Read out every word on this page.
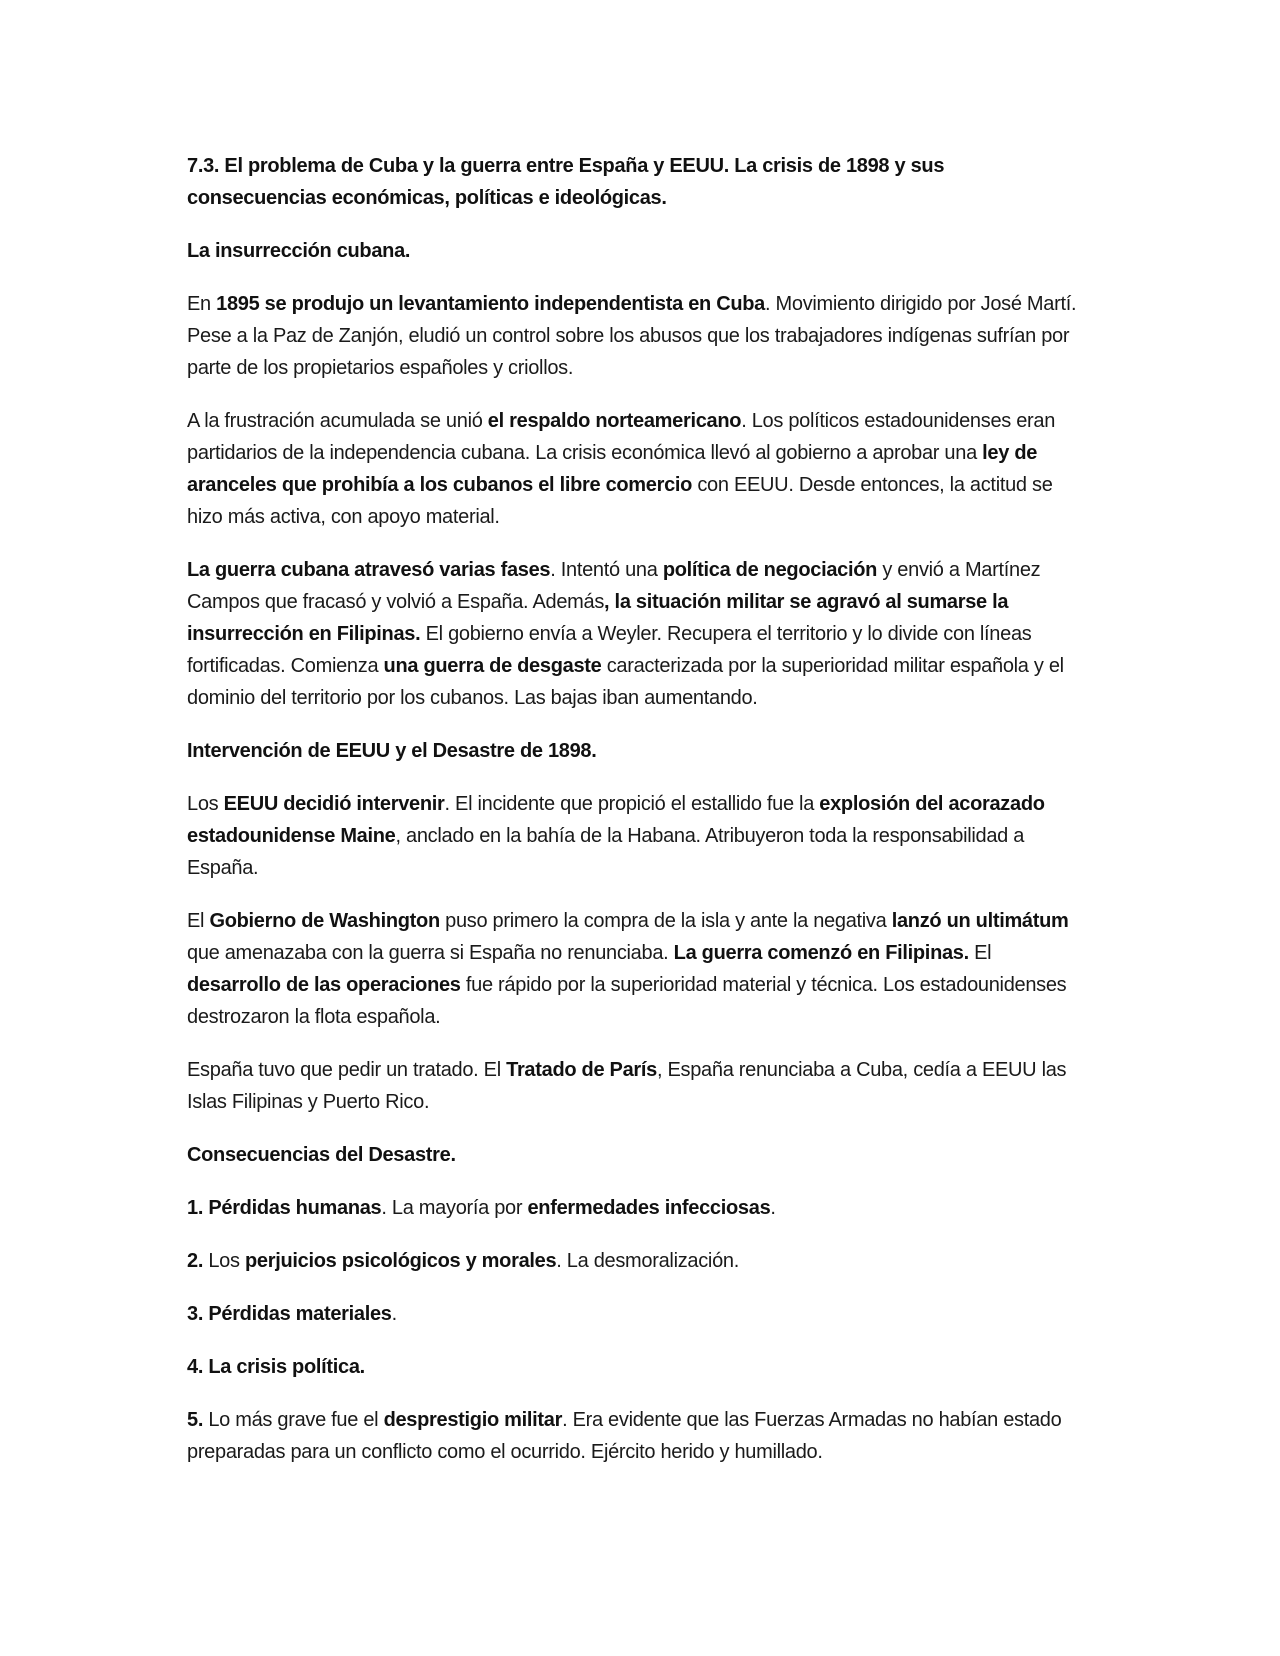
7.3. El problema de Cuba y la guerra entre España y EEUU. La crisis de 1898 y sus consecuencias económicas, políticas e ideológicas.

La insurrección cubana.

En 1895 se produjo un levantamiento independentista en Cuba. Movimiento dirigido por José Martí. Pese a la Paz de Zanjón, eludió un control sobre los abusos que los trabajadores indígenas sufrían por parte de los propietarios españoles y criollos.

A la frustración acumulada se unió el respaldo norteamericano. Los políticos estadounidenses eran partidarios de la independencia cubana. La crisis económica llevó al gobierno a aprobar una ley de aranceles que prohibía a los cubanos el libre comercio con EEUU. Desde entonces, la actitud se hizo más activa, con apoyo material.

La guerra cubana atravesó varias fases. Intentó una política de negociación y envió a Martínez Campos que fracasó y volvió a España. Además, la situación militar se agravó al sumarse la insurrección en Filipinas. El gobierno envía a Weyler. Recupera el territorio y lo divide con líneas fortificadas. Comienza una guerra de desgaste caracterizada por la superioridad militar española y el dominio del territorio por los cubanos. Las bajas iban aumentando.

Intervención de EEUU y el Desastre de 1898.

Los EEUU decidió intervenir. El incidente que propició el estallido fue la explosión del acorazado estadounidense Maine, anclado en la bahía de la Habana. Atribuyeron toda la responsabilidad a España.

El Gobierno de Washington puso primero la compra de la isla y ante la negativa lanzó un ultimátum que amenazaba con la guerra si España no renunciaba. La guerra comenzó en Filipinas. El desarrollo de las operaciones fue rápido por la superioridad material y técnica. Los estadounidenses destrozaron la flota española.

España tuvo que pedir un tratado. El Tratado de París, España renunciaba a Cuba, cedía a EEUU las Islas Filipinas y Puerto Rico.

Consecuencias del Desastre.

1. Pérdidas humanas. La mayoría por enfermedades infecciosas.

2. Los perjuicios psicológicos y morales. La desmoralización.

3. Pérdidas materiales.

4. La crisis política.

5. Lo más grave fue el desprestigio militar. Era evidente que las Fuerzas Armadas no habían estado preparadas para un conflicto como el ocurrido. Ejército herido y humillado.
